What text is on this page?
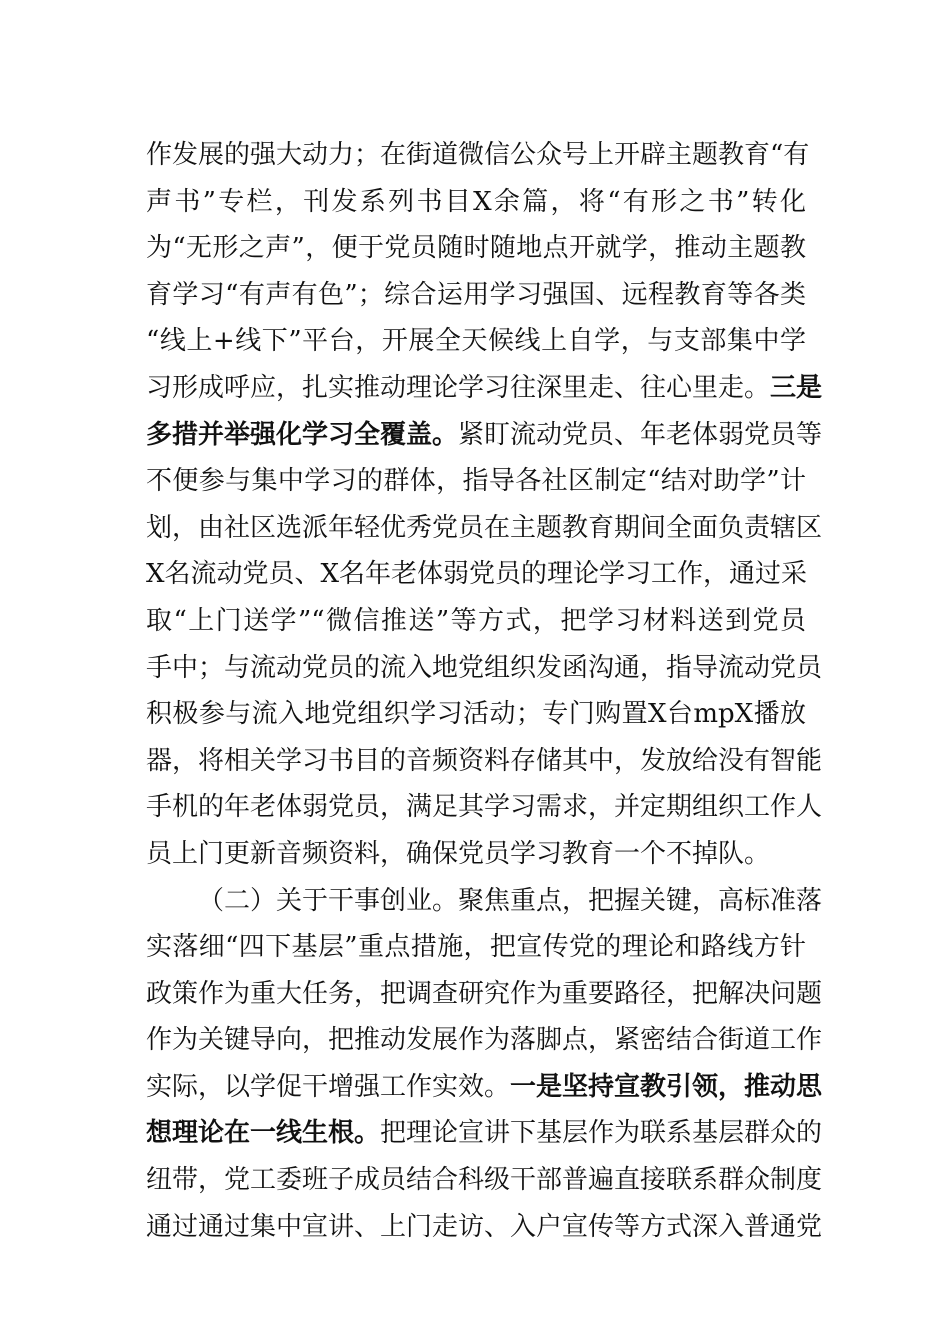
作发展的强大动力；在街道微信公众号上开辟主题教育“有
声书”专栏，刊发系列书目X余篇，将“有形之书”转化
为“无形之声”，便于党员随时随地点开就学，推动主题教
育学习“有声有色”；综合运用学习强国、远程教育等各类
“线上+线下”平台，开展全天候线上自学，与支部集中学
习形成呼应，扎实推动理论学习往深里走、往心里走。三是
多措并举强化学习全覆盖。紧盯流动党员、年老体弱党员等
不便参与集中学习的群体，指导各社区制定“结对助学”计
划，由社区选派年轻优秀党员在主题教育期间全面负责辖区
X名流动党员、X名年老体弱党员的理论学习工作，通过采
取“上门送学”“微信推送”等方式，把学习材料送到党员
手中；与流动党员的流入地党组织发函沟通，指导流动党员
积极参与流入地党组织学习活动；专门购置X台mpX播放
器，将相关学习书目的音频资料存储其中，发放给没有智能
手机的年老体弱党员，满足其学习需求，并定期组织工作人
员上门更新音频资料，确保党员学习教育一个不掉队。
（二）关于干事创业。聚焦重点，把握关键，高标准落
实落细“四下基层”重点措施，把宣传党的理论和路线方针
政策作为重大任务，把调查研究作为重要路径，把解决问题
作为关键导向，把推动发展作为落脚点，紧密结合街道工作
实际，以学促干增强工作实效。一是坚持宣教引领，推动思
想理论在一线生根。把理论宣讲下基层作为联系基层群众的
纽带，党工委班子成员结合科级干部普遍直接联系群众制度
通过通过集中宣讲、上门走访、入户宣传等方式深入普通党
